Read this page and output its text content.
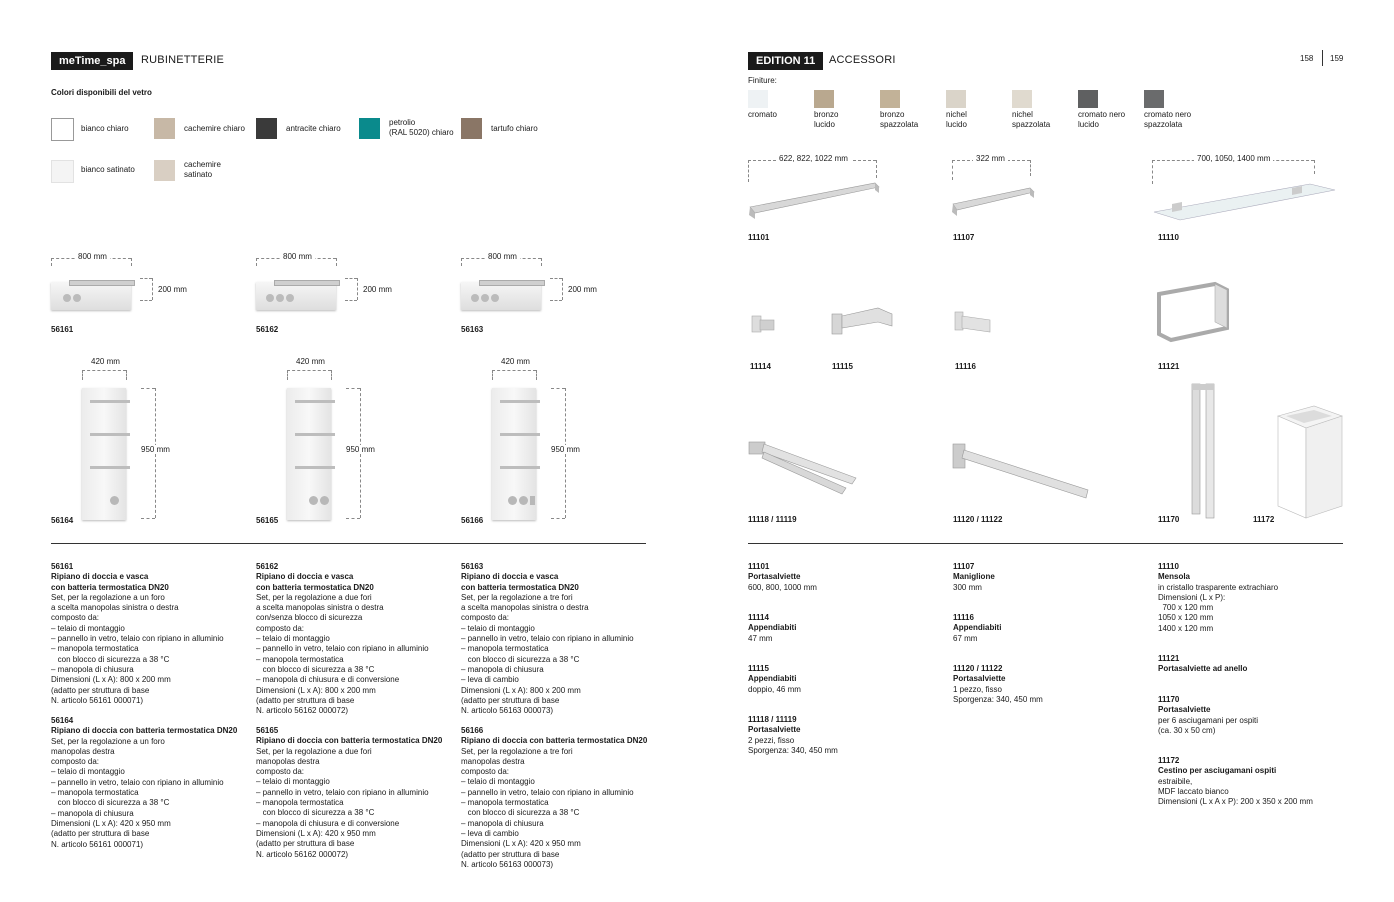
meTime_spa	RUBINETTERIE
Colori disponibili del vetro
bianco chiaro	cachemire chiaro	antracite chiaro
petrolio
(RAL 5020) chiaro	tartufo chiaro
bianco satinato
cachemire
satinato
800 mm
200 mm
56161
800 mm
200 mm
56162
800 mm
200 mm
56163
420 mm
950 mm
56164
420 mm
950 mm
56165
420 mm
950 mm
56166
56161
Ripiano di doccia e vasca
con batteria termostatica DN20
Set, per la regolazione a un foro
a scelta manopolas sinistra o destra
composto da:
– telaio di montaggio
– pannello in vetro, telaio con ripiano in alluminio
– manopola termostatica
con blocco di sicurezza a 38 °C
– manopola di chiusura
Dimensioni (L x A): 800 x 200 mm
(adatto per struttura di base
N. articolo 56161 000071)
56164
Ripiano di doccia con batteria termostatica DN20
Set, per la regolazione a un foro
manopolas destra
composto da:
– telaio di montaggio
– pannello in vetro, telaio con ripiano in alluminio
– manopola termostatica
con blocco di sicurezza a 38 °C
– manopola di chiusura
Dimensioni (L x A): 420 x 950 mm
(adatto per struttura di base
N. articolo 56161 000071)
56162
Ripiano di doccia e vasca
con batteria termostatica DN20
Set, per la regolazione a due fori
a scelta manopolas sinistra o destra
con/senza blocco di sicurezza
composto da:
– telaio di montaggio
– pannello in vetro, telaio con ripiano in alluminio
– manopola termostatica
con blocco di sicurezza a 38 °C
– manopola di chiusura e di conversione
Dimensioni (L x A): 800 x 200 mm
(adatto per struttura di base
N. articolo 56162 000072)
56165
Ripiano di doccia con batteria termostatica DN20
Set, per la regolazione a due fori
manopolas destra
composto da:
– telaio di montaggio
– pannello in vetro, telaio con ripiano in alluminio
– manopola termostatica
con blocco di sicurezza a 38 °C
– manopola di chiusura e di conversione
Dimensioni (L x A): 420 x 950 mm
(adatto per struttura di base
N. articolo 56162 000072)
56163
Ripiano di doccia e vasca
con batteria termostatica DN20
Set, per la regolazione a tre fori
a scelta manopolas sinistra o destra
composto da:
– telaio di montaggio
– pannello in vetro, telaio con ripiano in alluminio
– manopola termostatica
con blocco di sicurezza a 38 °C
– manopola di chiusura
– leva di cambio
Dimensioni (L x A): 800 x 200 mm
(adatto per struttura di base
N. articolo 56163 000073)
56166
Ripiano di doccia con batteria termostatica DN20
Set, per la regolazione a tre fori
manopolas destra
composto da:
– telaio di montaggio
– pannello in vetro, telaio con ripiano in alluminio
– manopola termostatica
con blocco di sicurezza a 38 °C
– manopola di chiusura
– leva di cambio
Dimensioni (L x A): 420 x 950 mm
(adatto per struttura di base
N. articolo 56163 000073)
EDITION 11	ACCESSORI	158 159
Finiture:
cromato	bronzo
lucido
bronzo
spazzolata
nichel
lucido
nichel
spazzolata
cromato nero
lucido
cromato nero
spazzolata
622, 822, 1022 mm
11101
322 mm
11107
700, 1050, 1400 mm
11110
11114	11115	11116	11121
11118 / 11119	11120 / 11122	11170	11172
11101
Portasalviette
600, 800, 1000 mm
11114
Appendiabiti
47 mm
11115
Appendiabiti
doppio, 46 mm
11118 / 11119
Portasalviette
2 pezzi, fisso
Sporgenza: 340, 450 mm
11107
Maniglione
300 mm
11116
Appendiabiti
67 mm
11120 / 11122
Portasalviette
1 pezzo, fisso
Sporgenza: 340, 450 mm
11110
Mensola
in cristallo trasparente extrachiaro
Dimensioni (L x P):
700 x 120 mm
1050 x 120 mm
1400 x 120 mm
11121
Portasalviette ad anello
11170
Portasalviette
per 6 asciugamani per ospiti
(ca. 30 x 50 cm)
11172
Cestino per asciugamani ospiti
estraibile,
MDF laccato bianco
Dimensioni (L x A x P): 200 x 350 x 200 mm
